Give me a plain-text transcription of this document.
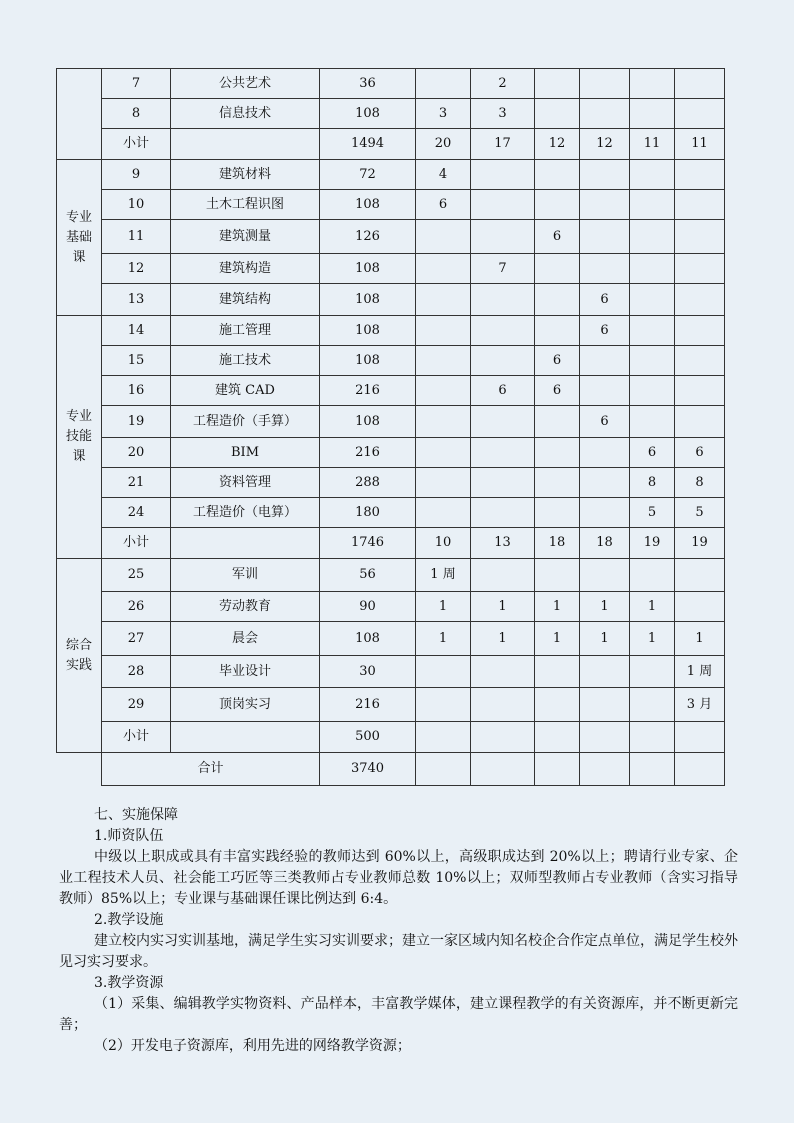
	7	公共艺术	36		2				
	8	信息技术	108	3	3				
	小计		1494	20	17	12	12	11	11

专业
基础
课	9	建筑材料	72	4					
	10	土木工程识图	108	6					
	11	建筑测量	126			6			
	12	建筑构造	108		7				
	13	建筑结构	108				6		

专业
技能
课	14	施工管理	108				6		
	15	施工技术	108			6			
	16	建筑 CAD	216		6	6			
	19	工程造价（手算）	108				6		
	20	BIM	216					6	6
	21	资料管理	288					8	8
	24	工程造价（电算）	180					5	5
	小计		1746	10	13	18	18	19	19

综合
实践	25	军训	56	1 周					
	26	劳动教育	90	1	1	1	1	1	
	27	晨会	108	1	1	1	1	1	1
	28	毕业设计	30						1 周
	29	顶岗实习	216						3 月
	小计		500						
	合计		3740						

七、实施保障

1.师资队伍

中级以上职成或具有丰富实践经验的教师达到 60%以上，高级职成达到 20%以上；聘请行业专家、企业工程技术人员、社会能工巧匠等三类教师占专业教师总数 10%以上；双师型教师占专业教师（含实习指导教师）85%以上；专业课与基础课任课比例达到 6:4。

2.教学设施

建立校内实习实训基地，满足学生实习实训要求；建立一家区域内知名校企合作定点单位，满足学生校外见习实习要求。

3.教学资源

（1）采集、编辑教学实物资料、产品样本，丰富教学媒体，建立课程教学的有关资源库，并不断更新完善；

（2）开发电子资源库，利用先进的网络教学资源；
